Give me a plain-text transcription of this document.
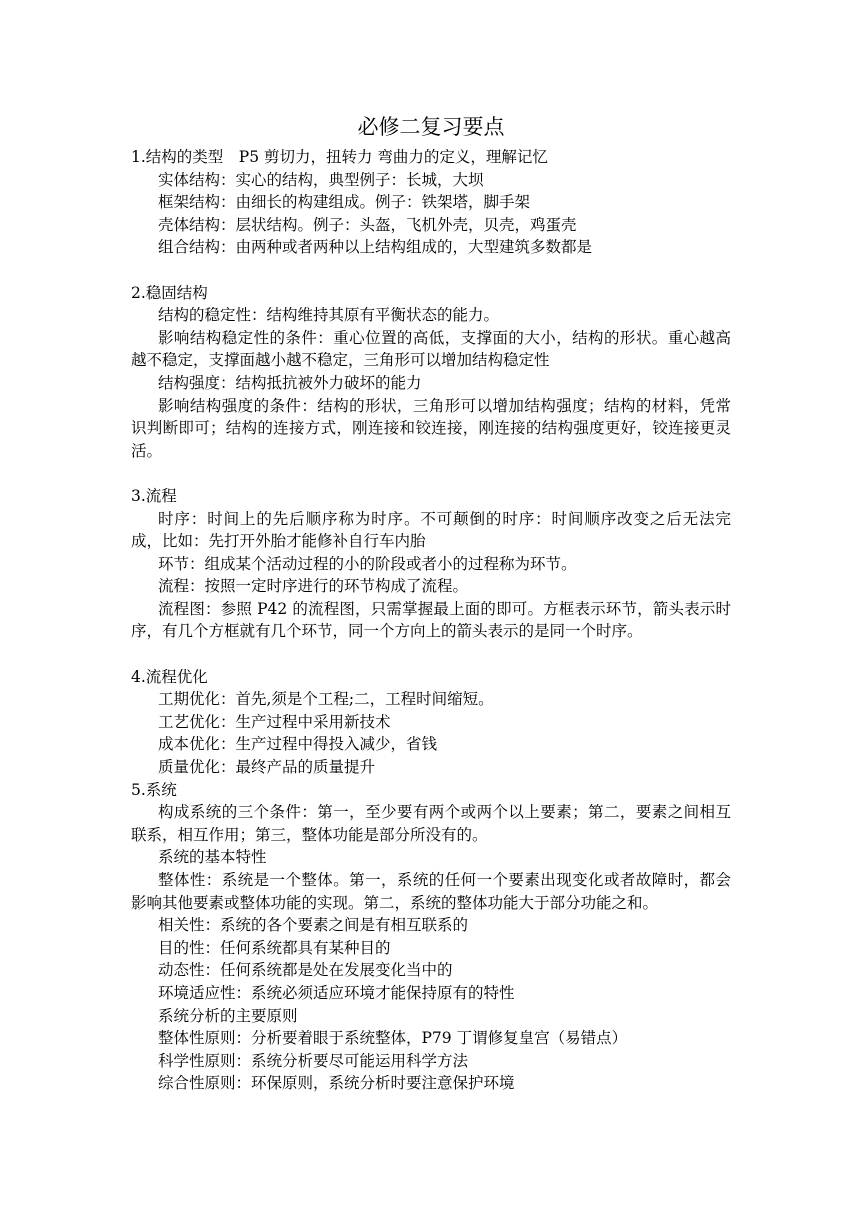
必修二复习要点
1.结构的类型　P5 剪切力，扭转力 弯曲力的定义，理解记忆

实体结构：实心的结构，典型例子：长城，大坝

框架结构：由细长的构建组成。例子：铁架塔，脚手架

壳体结构：层状结构。例子：头盔，飞机外壳，贝壳，鸡蛋壳

组合结构：由两种或者两种以上结构组成的，大型建筑多数都是

2.稳固结构

结构的稳定性：结构维持其原有平衡状态的能力。

影响结构稳定性的条件：重心位置的高低，支撑面的大小，结构的形状。重心越高越不稳定，支撑面越小越不稳定，三角形可以增加结构稳定性

结构强度：结构抵抗被外力破坏的能力

影响结构强度的条件：结构的形状，三角形可以增加结构强度；结构的材料，凭常识判断即可；结构的连接方式，刚连接和铰连接，刚连接的结构强度更好，铰连接更灵活。

3.流程

时序：时间上的先后顺序称为时序。不可颠倒的时序：时间顺序改变之后无法完成，比如：先打开外胎才能修补自行车内胎

环节：组成某个活动过程的小的阶段或者小的过程称为环节。

流程：按照一定时序进行的环节构成了流程。

流程图：参照 P42 的流程图，只需掌握最上面的即可。方框表示环节，箭头表示时序，有几个方框就有几个环节，同一个方向上的箭头表示的是同一个时序。

4.流程优化

工期优化：首先,须是个工程;二，工程时间缩短。

工艺优化：生产过程中采用新技术

成本优化：生产过程中得投入减少，省钱

质量优化：最终产品的质量提升

5.系统

构成系统的三个条件：第一，至少要有两个或两个以上要素；第二，要素之间相互联系，相互作用；第三，整体功能是部分所没有的。

系统的基本特性

整体性：系统是一个整体。第一，系统的任何一个要素出现变化或者故障时，都会影响其他要素或整体功能的实现。第二，系统的整体功能大于部分功能之和。

相关性：系统的各个要素之间是有相互联系的

目的性：任何系统都具有某种目的

动态性：任何系统都是处在发展变化当中的

环境适应性：系统必须适应环境才能保持原有的特性

系统分析的主要原则

整体性原则：分析要着眼于系统整体，P79 丁谓修复皇宫（易错点）

科学性原则：系统分析要尽可能运用科学方法

综合性原则：环保原则，系统分析时要注意保护环境
